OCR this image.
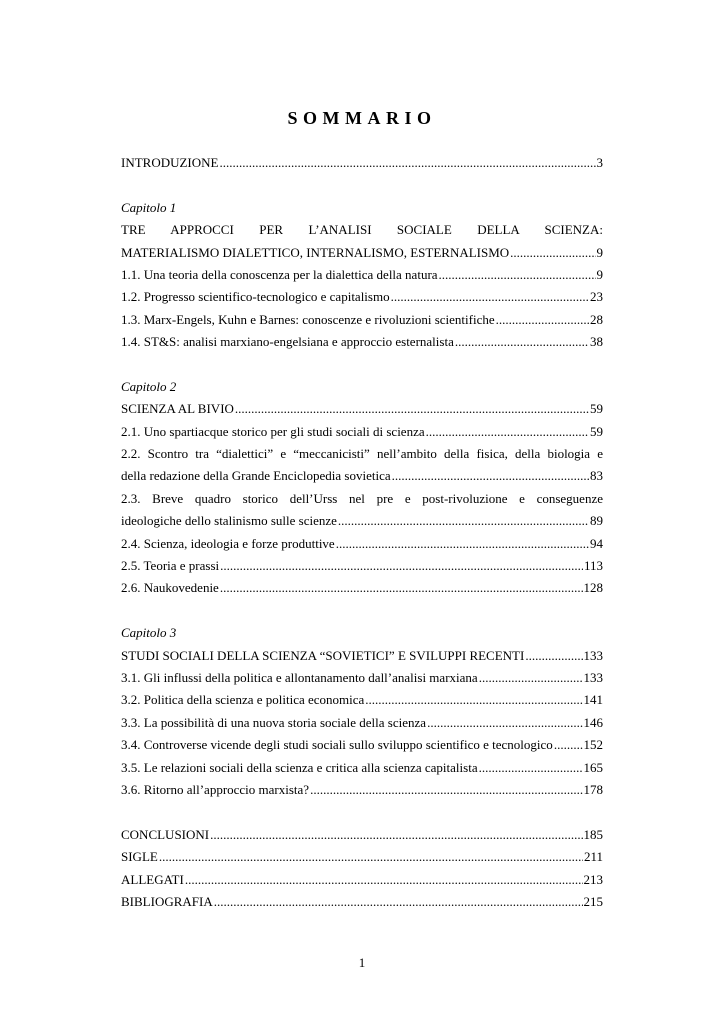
SOMMARIO
INTRODUZIONE .....	3
Capitolo 1
TRE APPROCCI PER L’ANALISI SOCIALE DELLA SCIENZA:
MATERIALISMO DIALETTICO, INTERNALISMO, ESTERNALISMO .....	9
1.1. Una teoria della conoscenza per la dialettica della natura .....	9
1.2. Progresso scientifico-tecnologico e capitalismo .....	23
1.3. Marx-Engels, Kuhn e Barnes: conoscenze e rivoluzioni scientifiche .....	28
1.4. ST&S: analisi marxiano-engelsiana e approccio esternalista .....	38
Capitolo 2
SCIENZA AL BIVIO .....	59
2.1. Uno spartiacque storico per gli studi sociali di scienza .....	59
2.2. Scontro tra “dialettici” e “meccanicisti” nell’ambito della fisica, della biologia e
della redazione della Grande Enciclopedia sovietica .....	83
2.3. Breve quadro storico dell’Urss nel pre e post-rivoluzione e conseguenze
ideologiche dello stalinismo sulle scienze .....	89
2.4. Scienza, ideologia e forze produttive .....	94
2.5. Teoria e prassi .....	113
2.6. Naukovedenie .....	128
Capitolo 3
STUDI SOCIALI DELLA SCIENZA “SOVIETICI” E SVILUPPI RECENTI .....	133
3.1. Gli influssi della politica e allontanamento dall’analisi marxiana .....	133
3.2. Politica della scienza e politica economica .....	141
3.3. La possibilità di una nuova storia sociale della scienza .....	146
3.4. Controverse vicende degli studi sociali sullo sviluppo scientifico e tecnologico ..... 152
3.5. Le relazioni sociali della scienza e critica alla scienza capitalista .....	165
3.6. Ritorno all’approccio marxista? .....	178
CONCLUSIONI .....	185
SIGLE .....	211
ALLEGATI .....	213
BIBLIOGRAFIA .....	215
1
